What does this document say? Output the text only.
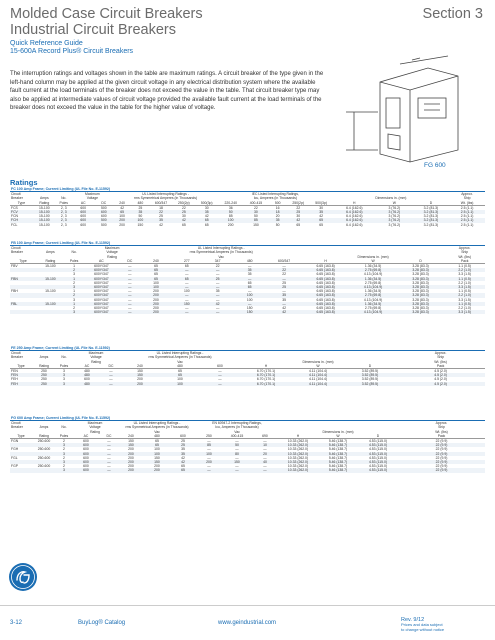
Molded Case Circuit Breakers
Industrial Circuit Breakers
Section 3
Quick Reference Guide
15-600A Record Plus® Circuit Breakers
The interruption ratings and voltages shown in the table are maximum ratings. A circuit breaker of the type given in the left-hand column may be applied at the given circuit voltage in any electrical distribution system where the available fault current at the load terminals of the breaker does not exceed the value in the table. That circuit breaker type may also be applied at intermediate values of circuit voltage provided the available fault current at the load terminals of the breaker does not exceed the value in the table for the higher value of voltage.
FG 600
Ratings
FC 100 Amp Frame; Current Limiting (UL File No. E-11592)																		
Circuit			Maximum		UL Listed Interrupting Ratings -					IEC Listed Interrupting Ratings,								Approx.
Breaker	Amps	No.	Voltage		rms Symmetrical Amperes (in Thousands)					Icu, Amperes (in Thousands)					Dimensions in. (mm)			Ship
Type	Rating	Poles	AC	DC	240	480	600/347	250(2p)	500(3p)	220-240	400-415	500	250(2p)	500(3p)	H	W	D	Wt. (lbs)
FCS	15-100	2, 3	600	500	42	25	18	22	30	36	22	16	22	30	6.4 (162.6)	3 (76.2)	3.2 (81.3)	2.5 (1.1)
FCV	15-100	2, 3	600	600	65	35	22	25	35	50	30	18	25	35	6.4 (162.6)	3 (76.2)	3.2 (81.3)	2.5 (1.1)
FCN	15-100	2, 3	600	600	100	50	25	30	42	85	50	20	30	42	6.4 (162.6)	3 (76.2)	3.2 (81.3)	2.5 (1.1)
FCH	15-100	2, 3	600	500	200	100	35	42	65	100	85	35	42	65	6.4 (162.6)	3 (76.2)	3.2 (81.3)	2.5 (1.1)
FCL	15-100	2, 3	600	500	200	150	42	65	65	200	150	50	65	65	6.4 (162.6)	3 (76.2)	3.2 (81.3)	2.5 (1.1)
FB 100 Amp Frame; Current Limiting (UL File No. E-11592)													
Circuit			Maximum		UL Listed Interrupting Ratings -								Approx.
Breaker	Amps	No.	Voltage		rms Symmetrical Amperes (in Thousands)								Ship
			Rating		Vac					Dimensions in. (mm)			Wt. (lbs)
Type	Rating	Poles	AC	DC	240	277	347	480	600/347	H	W	D	Pack
FBV	15-100	1	600Y/347	—	65	65	22	—	—	6.65 (163.8)	1.36 (34.5)	3.28 (83.3)	1.1 (0.5)
		2	600Y/347	—	65	—	—	35	22	6.65 (163.8)	2.75 (69.8)	3.28 (83.3)	2.2 (1.0)
		3	600Y/347	—	65	—	—	35	22	6.65 (163.8)	4.13 (104.9)	3.28 (83.3)	3.3 (1.5)
FBN	15-100	1	600Y/347	—	65	65	25	—	—	6.65 (163.8)	1.36 (34.5)	3.28 (83.3)	1.1 (0.5)
		2	600Y/347	—	100	—	—	65	25	6.65 (163.8)	2.75 (69.8)	3.28 (83.3)	2.2 (1.0)
		3	600Y/347	—	100	—	—	65	25	6.65 (163.8)	4.13 (104.9)	3.28 (83.3)	3.3 (1.5)
FBH	15-100	1	600Y/347	—	200	100	35	—	—	6.65 (163.8)	1.36 (34.5)	3.28 (83.3)	1.1 (0.5)
		2	600Y/347	—	200	—	—	100	35	6.65 (163.8)	2.75 (69.8)	3.28 (83.3)	2.2 (1.0)
		3	600Y/347	—	200	—	—	100	35	6.65 (163.8)	4.13 (104.9)	3.28 (83.3)	3.3 (1.5)
FBL	15-100	1	600Y/347	—	200	150	42	—	—	6.65 (163.8)	1.36 (34.5)	3.28 (83.3)	1.1 (0.5)
		2	600Y/347	—	200	—	—	150	42	6.65 (163.8)	2.75 (69.8)	3.28 (83.3)	2.2 (1.0)
		3	600Y/347	—	200	—	—	150	42	6.65 (163.8)	4.13 (104.9)	3.28 (83.3)	3.3 (1.5)
FE 250 Amp Frame; Current Limiting (UL File No. E-11592)											
Circuit			Maximum		UL Listed Interrupting Ratings -						Approx.
Breaker	Amps	No.	Voltage		rms Symmetrical Amperes (in Thousands)						Ship
			Rating		Vac			Dimensions in. (mm)			Wt. (lbs)
Type	Rating	Poles	AC	DC	240	480	600	H	W	D	Pack
FEN	250	3	480	—	150	65	—	6.70 (170.1)	4.11 (104.4)	3.52 (89.5)	4.5 (2.0)
FEN	250	3	480	—	150	65	—	6.70 (170.1)	4.11 (104.4)	3.52 (89.5)	4.5 (2.0)
FEH	250	3	600	—	200	100	—	6.70 (170.1)	4.11 (104.4)	3.52 (89.5)	4.5 (2.0)
FEH	250	3	480	—	200	100	—	6.70 (170.1)	4.11 (104.4)	3.52 (89.5)	4.5 (2.0)
FG 600 Amp Frame; Current Limiting (UL File No. E-11592)														
Circuit			Maximum		UL Listed Interrupting Ratings -			EN 60947-2 Interrupting Ratings,						Approx.
Breaker	Amps	No.	Voltage		rms Symmetrical Amperes (in Thousands)			Icu, Amperes (in Thousands)						Ship
			Rating		Vac			Vac			Dimensions in. (mm)			Wt. (lbs)
Type	Rating	Poles	AC	DC	240	480	600	250	400-415	690	H	W	D	Pack
FGN	250-600	2	600	—	150	65	25	—	—	—	10.33 (262.0)	5.46 (138.7)	4.53 (115.0)	22 (9.9)
		3	600	—	150	65	25	85	50	10	10.33 (262.0)	5.46 (138.7)	4.53 (115.0)	22 (9.9)
FGH	250-600	2	600	—	200	100	35	—	—	—	10.33 (262.0)	5.46 (138.7)	4.53 (115.0)	22 (9.9)
		3	600	—	200	100	35	100	80	20	10.33 (262.0)	5.46 (138.7)	4.53 (115.0)	22 (9.9)
FGL	250-600	2	600	—	200	150	42	—	—	—	10.33 (262.0)	5.46 (138.7)	4.53 (115.0)	22 (9.9)
		3	600	—	200	150	42	200	150	40	10.33 (262.0)	5.46 (138.7)	4.53 (115.0)	22 (9.9)
FGP	250-600	2	600	—	200	200	65	—	—	—	10.33 (262.0)	5.46 (138.7)	4.53 (115.0)	22 (9.9)
		3	600	—	200	200	65	—	—	—	10.33 (262.0)	5.46 (138.7)	4.53 (115.0)	22 (9.9)
3-12	BuyLog® Catalog	www.geindustrial.com	Rev. 9/12
Prices and data subject
to change without notice
